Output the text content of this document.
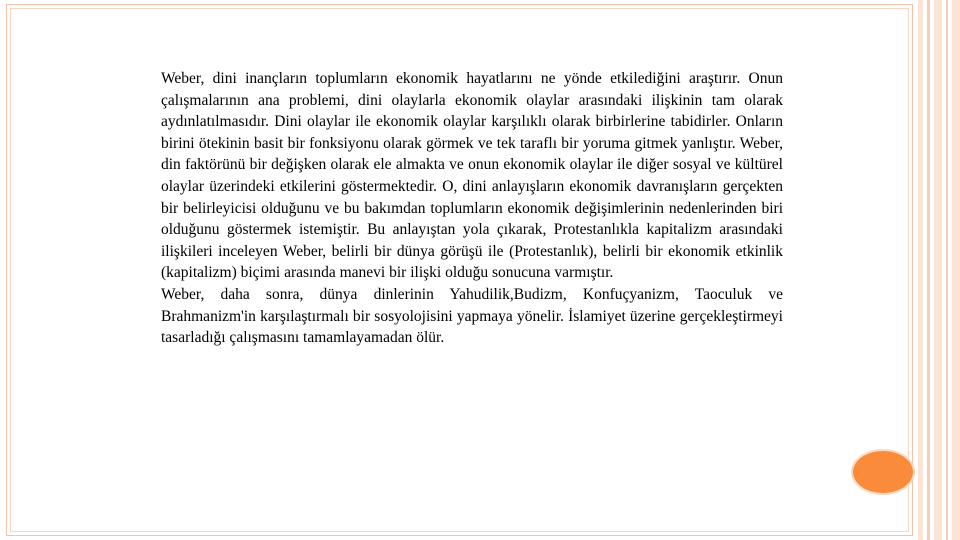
Weber, dini inançların toplumların ekonomik hayatlarını ne yönde etkilediğini araştırır. Onun çalışmalarının ana problemi, dini olaylarla ekonomik olaylar arasındaki ilişkinin tam olarak aydınlatılmasıdır. Dini olaylar ile ekonomik olaylar karşılıklı olarak birbirlerine tabidirler. Onların birini ötekinin basit bir fonksiyonu olarak görmek ve tek taraflı bir yoruma gitmek yanlıştır. Weber, din faktörünü bir değişken olarak ele almakta ve onun ekonomik olaylar ile diğer sosyal ve kültürel olaylar üzerindeki etkilerini göstermektedir. O, dini anlayışların ekonomik davranışların gerçekten bir belirleyicisi olduğunu ve bu bakımdan toplumların ekonomik değişimlerinin nedenlerinden biri olduğunu göstermek istemiştir. Bu anlayıştan yola çıkarak, Protestanlıkla kapitalizm arasındaki ilişkileri inceleyen Weber, belirli bir dünya görüşü ile (Protestanlık), belirli bir ekonomik etkinlik (kapitalizm) biçimi arasında manevi bir ilişki olduğu sonucuna varmıştır.

Weber, daha sonra, dünya dinlerinin Yahudilik,Budizm, Konfuçyanizm, Taoculuk ve Brahmanizm'in karşılaştırmalı bir sosyolojisini yapmaya yönelir. İslamiyet üzerine gerçekleştirmeyi tasarladığı çalışmasını tamamlayamadan ölür.
